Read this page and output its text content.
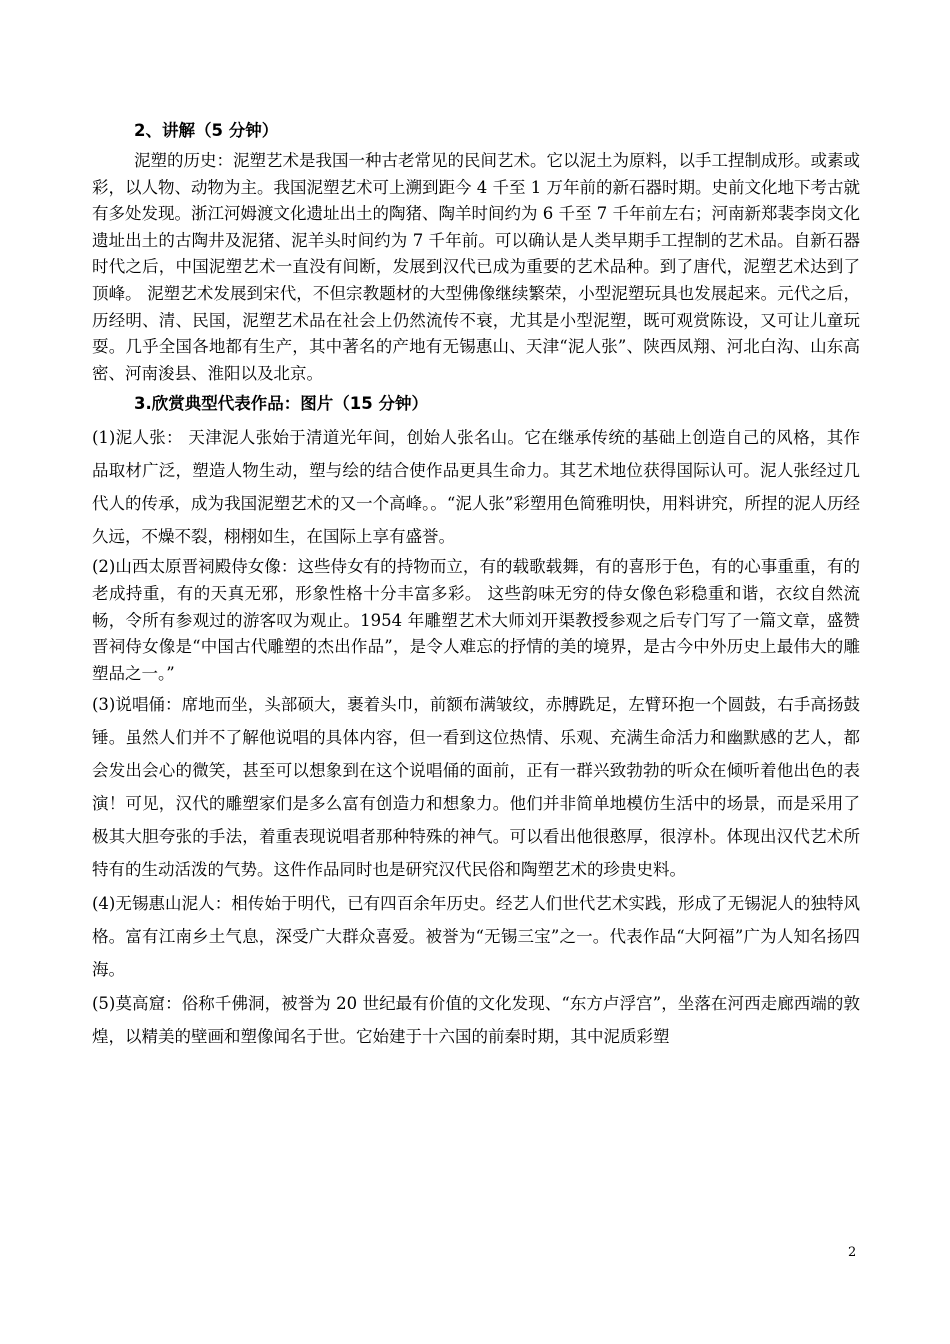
2、讲解（5 分钟）

泥塑的历史：泥塑艺术是我国一种古老常见的民间艺术。它以泥土为原料，以手工捏制成形。或素或彩，以人物、动物为主。我国泥塑艺术可上溯到距今 4 千至 1 万年前的新石器时期。史前文化地下考古就有多处发现。浙江河姆渡文化遗址出土的陶猪、陶羊时间约为 6 千至 7 千年前左右；河南新郑裴李岗文化遗址出土的古陶井及泥猪、泥羊头时间约为 7 千年前。可以确认是人类早期手工捏制的艺术品。自新石器时代之后，中国泥塑艺术一直没有间断，发展到汉代已成为重要的艺术品种。到了唐代，泥塑艺术达到了顶峰。 泥塑艺术发展到宋代，不但宗教题材的大型佛像继续繁荣，小型泥塑玩具也发展起来。元代之后，历经明、清、民国，泥塑艺术品在社会上仍然流传不衰，尤其是小型泥塑，既可观赏陈设，又可让儿童玩耍。几乎全国各地都有生产，其中著名的产地有无锡惠山、天津“泥人张”、陕西凤翔、河北白沟、山东高密、河南浚县、淮阳以及北京。

3.欣赏典型代表作品：图片（15 分钟）

(1)泥人张： 天津泥人张始于清道光年间，创始人张名山。它在继承传统的基础上创造自己的风格，其作品取材广泛，塑造人物生动，塑与绘的结合使作品更具生命力。其艺术地位获得国际认可。泥人张经过几代人的传承，成为我国泥塑艺术的又一个高峰。。“泥人张”彩塑用色简雅明快，用料讲究，所捏的泥人历经久远，不燥不裂，栩栩如生，在国际上享有盛誉。

(2)山西太原晋祠殿侍女像：这些侍女有的持物而立，有的载歌载舞，有的喜形于色，有的心事重重，有的老成持重，有的天真无邪，形象性格十分丰富多彩。 这些韵味无穷的侍女像色彩稳重和谐，衣纹自然流畅，令所有参观过的游客叹为观止。1954 年雕塑艺术大师刘开渠教授参观之后专门写了一篇文章，盛赞晋祠侍女像是“中国古代雕塑的杰出作品”，是令人难忘的抒情的美的境界，是古今中外历史上最伟大的雕塑品之一。”

(3)说唱俑：席地而坐，头部硕大，裹着头巾，前额布满皱纹，赤膊跣足，左臂环抱一个圆鼓，右手高扬鼓锤。虽然人们并不了解他说唱的具体内容，但一看到这位热情、乐观、充满生命活力和幽默感的艺人，都会发出会心的微笑，甚至可以想象到在这个说唱俑的面前，正有一群兴致勃勃的听众在倾听着他出色的表演！可见，汉代的雕塑家们是多么富有创造力和想象力。他们并非简单地模仿生活中的场景，而是采用了极其大胆夸张的手法，着重表现说唱者那种特殊的神气。可以看出他很憨厚，很淳朴。体现出汉代艺术所特有的生动活泼的气势。这件作品同时也是研究汉代民俗和陶塑艺术的珍贵史料。

(4)无锡惠山泥人：相传始于明代，已有四百余年历史。经艺人们世代艺术实践，形成了无锡泥人的独特风格。富有江南乡土气息，深受广大群众喜爱。被誉为“无锡三宝”之一。代表作品“大阿福”广为人知名扬四海。

(5)莫高窟：俗称千佛洞，被誉为 20 世纪最有价值的文化发现、“东方卢浮宫”，坐落在河西走廊西端的敦煌，以精美的壁画和塑像闻名于世。它始建于十六国的前秦时期，其中泥质彩塑

2
